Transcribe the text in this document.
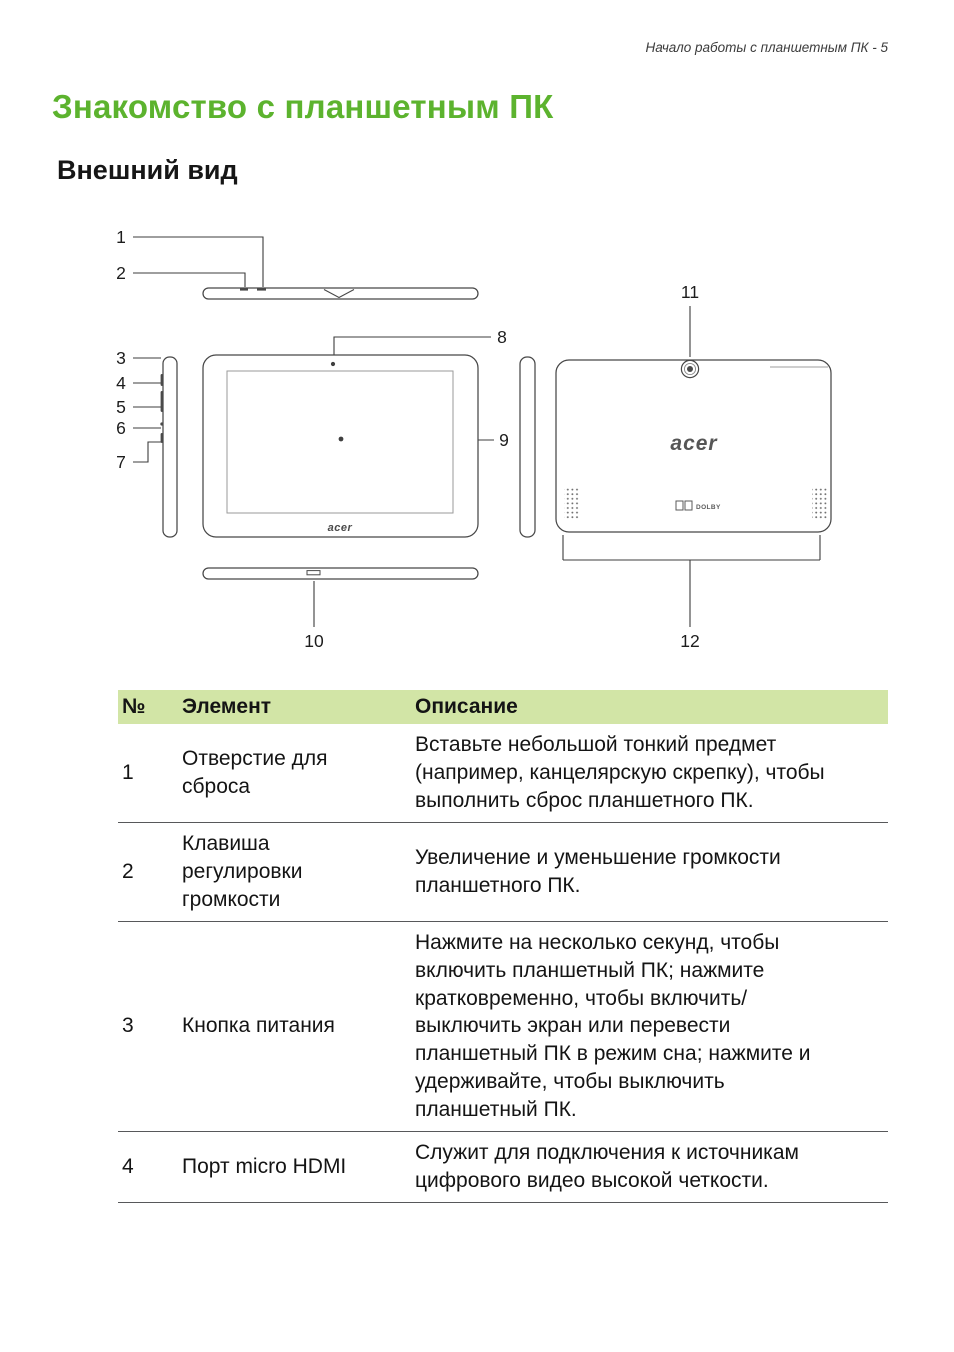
Начало работы с планшетным ПК - 5
Знакомство с планшетным ПК
Внешний вид
acer
acer
DOLBY
1
2
3
4
5
6
7
8
9
10
11
12
№	Элемент	Описание
1	Отверстие для сброса	Вставьте небольшой тонкий предмет (например, канцелярскую скрепку), чтобы выполнить сброс планшетного ПК.
2	Клавиша регулировки громкости	Увеличение и уменьшение громкости планшетного ПК.
3	Кнопка питания	Нажмите на несколько секунд, чтобы включить планшетный ПК; нажмите кратковременно, чтобы включить/выключить экран или перевести планшетный ПК в режим сна; нажмите и удерживайте, чтобы выключить планшетный ПК.
4	Порт micro HDMI	Служит для подключения к источникам цифрового видео высокой четкости.
